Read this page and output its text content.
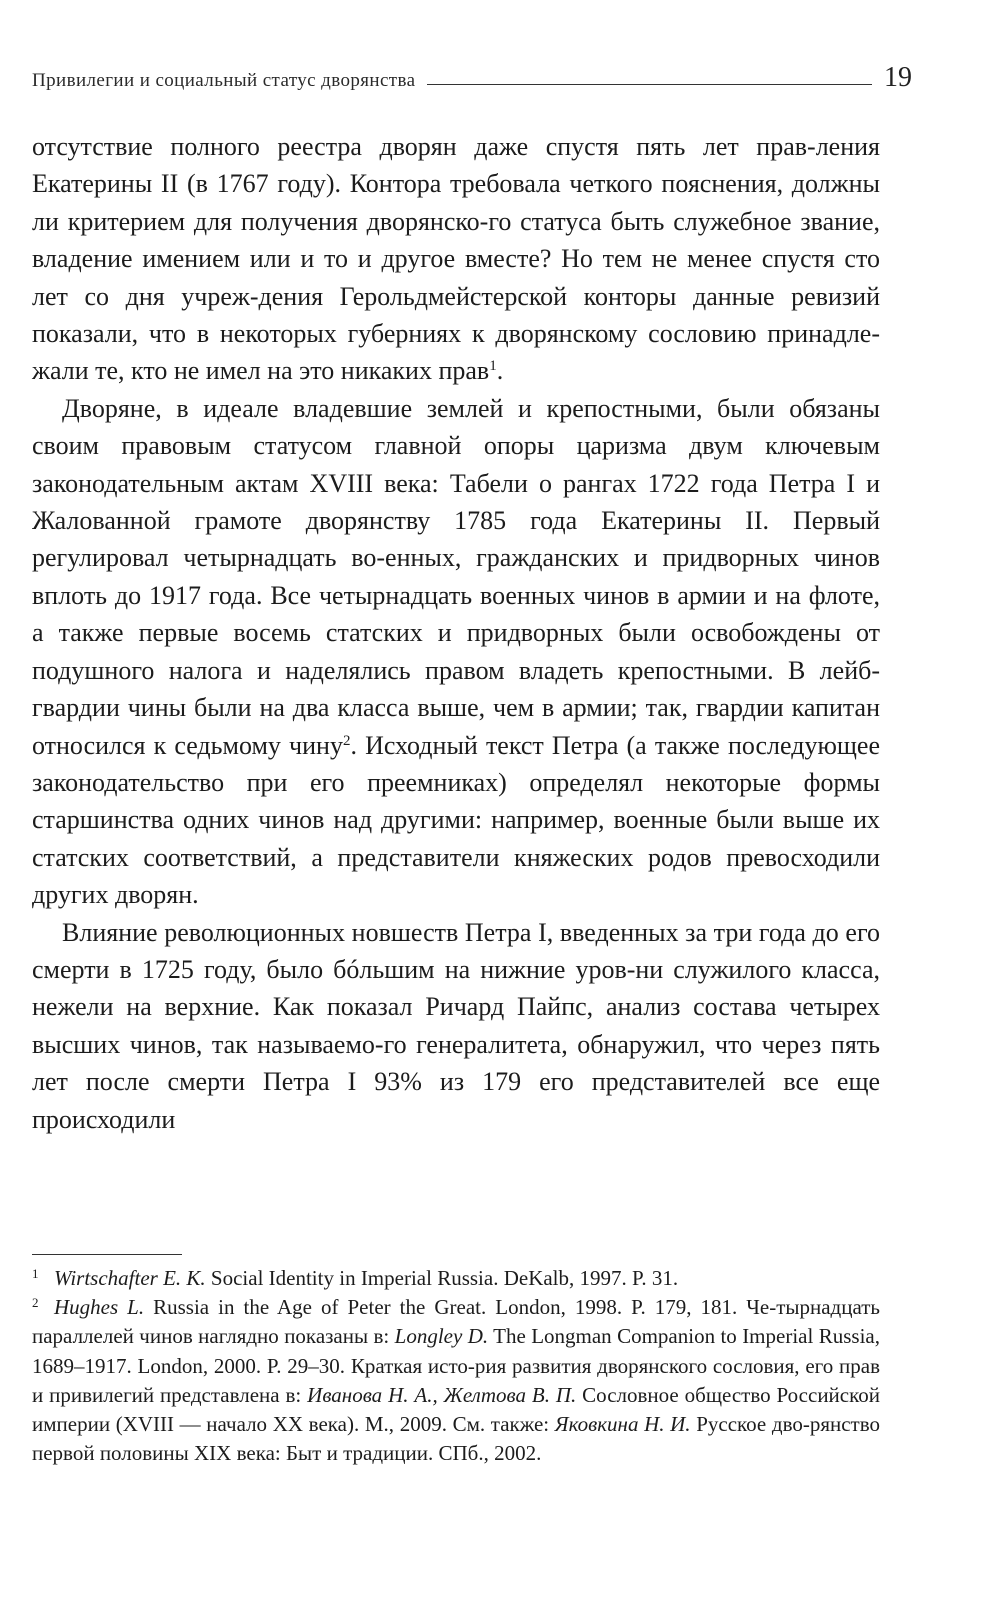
Привилегии и социальный статус дворянства	19

отсутствие полного реестра дворян даже спустя пять лет прав-ления Екатерины II (в 1767 году). Контора требовала четкого пояснения, должны ли критерием для получения дворянско-го статуса быть служебное звание, владение имением или и то и другое вместе? Но тем не менее спустя сто лет со дня учреж-дения Герольдмейстерской конторы данные ревизий показали, что в некоторых губерниях к дворянскому сословию принадле-жали те, кто не имел на это никаких прав$^1$.

Дворяне, в идеале владевшие землей и крепостными, были обязаны своим правовым статусом главной опоры царизма двум ключевым законодательным актам XVIII века: Табели о рангах 1722 года Петра I и Жалованной грамоте дворянству 1785 года Екатерины II. Первый регулировал четырнадцать во-енных, гражданских и придворных чинов вплоть до 1917 года. Все четырнадцать военных чинов в армии и на флоте, а также первые восемь статских и придворных были освобождены от подушного налога и наделялись правом владеть крепостными. В лейб-гвардии чины были на два класса выше, чем в армии; так, гвардии капитан относился к седьмому чину$^2$. Исходный текст Петра (а также последующее законодательство при его преемниках) определял некоторые формы старшинства одних чинов над другими: например, военные были выше их статских соответствий, а представители княжеских родов превосходили других дворян.

Влияние революционных новшеств Петра I, введенных за три года до его смерти в 1725 году, было бóльшим на нижние уров-ни служилого класса, нежели на верхние. Как показал Ричард Пайпс, анализ состава четырех высших чинов, так называемо-го генералитета, обнаружил, что через пять лет после смерти Петра I 93% из 179 его представителей все еще происходили

1 Wirtschafter E. K. Social Identity in Imperial Russia. DeKalb, 1997. P. 31.

2 Hughes L. Russia in the Age of Peter the Great. London, 1998. P. 179, 181. Че-тырнадцать параллелей чинов наглядно показаны в: Longley D. The Longman Companion to Imperial Russia, 1689–1917. London, 2000. P. 29–30. Краткая исто-рия развития дворянского сословия, его прав и привилегий представлена в: Иванова Н. А., Желтова В. П. Сословное общество Российской империи (XVIII — начало XX века). М., 2009. См. также: Яковкина Н. И. Русское дво-рянство первой половины XIX века: Быт и традиции. СПб., 2002.
